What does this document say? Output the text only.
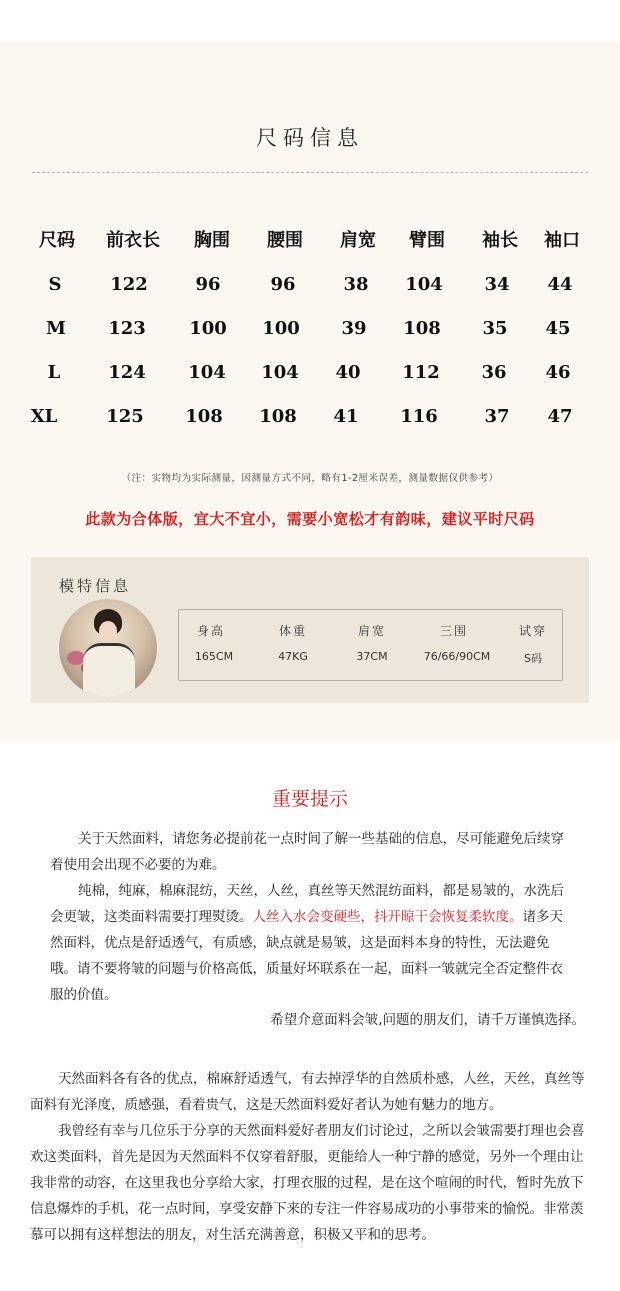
尺码信息
尺码 前衣长 胸围 腰围 肩宽 臂围 袖长 袖口
S	122	96	96	38 104 34 44
M 123 100 100 39 108 35 45
L	124 104 104 40 112 36 46
XL	125 108 108 41 116	37 47
（注：实物均为实际测量，因测量方式不同，略有1-2厘米误差，测量数据仅供参考）
此款为合体版，宜大不宜小，需要小宽松才有韵味，建议平时尺码
模特信息
身高	体重	肩宽	三围	试穿
165CM	47KG	37CM	76/66/90CM	S码
重要提示

关于天然面料，请您务必提前花一点时间了解一些基础的信息，尽可能避免后续穿着使用会出现不必要的为难。

纯棉，纯麻，棉麻混纺，天丝，人丝，真丝等天然混纺面料，都是易皱的，水洗后会更皱，这类面料需要打理熨烫。人丝入水会变硬些，抖开晾干会恢复柔软度。诸多天然面料，优点是舒适透气，有质感，缺点就是易皱，这是面料本身的特性，无法避免哦。请不要将皱的问题与价格高低，质量好坏联系在一起，面料一皱就完全否定整件衣服的价值。

希望介意面料会皱,问题的朋友们，请千万谨慎选择。

天然面料各有各的优点，棉麻舒适透气，有去掉浮华的自然质朴感，人丝，天丝，真丝等面料有光泽度，质感强，看着贵气，这是天然面料爱好者认为她有魅力的地方。

我曾经有幸与几位乐于分享的天然面料爱好者朋友们讨论过，之所以会皱需要打理也会喜欢这类面料，首先是因为天然面料不仅穿着舒服，更能给人一种宁静的感觉，另外一个理由让我非常的动容，在这里我也分享给大家，打理衣服的过程，是在这个喧闹的时代，暂时先放下信息爆炸的手机，花一点时间，享受安静下来的专注一件容易成功的小事带来的愉悦。非常羡慕可以拥有这样想法的朋友，对生活充满善意，积极又平和的思考。
